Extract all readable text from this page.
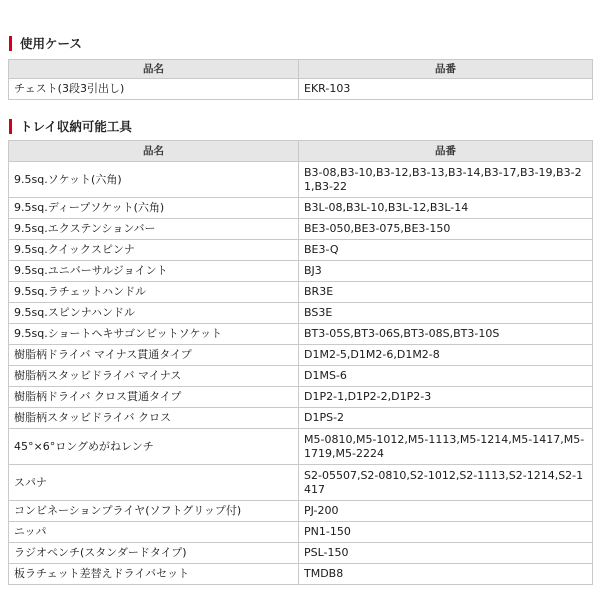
使用ケース
品名	品番
チェスト(3段3引出し)	EKR-103
トレイ収納可能工具
品名	品番
9.5sq.ソケット(六角)	B3-08,B3-10,B3-12,B3-13,B3-14,B3-17,B3-19,B3-21,B3-22
9.5sq.ディープソケット(六角)	B3L-08,B3L-10,B3L-12,B3L-14
9.5sq.エクステンションバー	BE3-050,BE3-075,BE3-150
9.5sq.クイックスピンナ	BE3-Q
9.5sq.ユニバーサルジョイント	BJ3
9.5sq.ラチェットハンドル	BR3E
9.5sq.スピンナハンドル	BS3E
9.5sq.ショートヘキサゴンビットソケット	BT3-05S,BT3-06S,BT3-08S,BT3-10S
樹脂柄ドライバ マイナス貫通タイプ	D1M2-5,D1M2-6,D1M2-8
樹脂柄スタッビドライバ マイナス	D1MS-6
樹脂柄ドライバ クロス貫通タイプ	D1P2-1,D1P2-2,D1P2-3
樹脂柄スタッビドライバ クロス	D1PS-2
45°×6°ロングめがねレンチ	M5-0810,M5-1012,M5-1113,M5-1214,M5-1417,M5-1719,M5-2224
スパナ	S2-05507,S2-0810,S2-1012,S2-1113,S2-1214,S2-1417
コンビネーションプライヤ(ソフトグリップ付)	PJ-200
ニッパ	PN1-150
ラジオペンチ(スタンダードタイプ)	PSL-150
板ラチェット差替えドライバセット	TMDB8
